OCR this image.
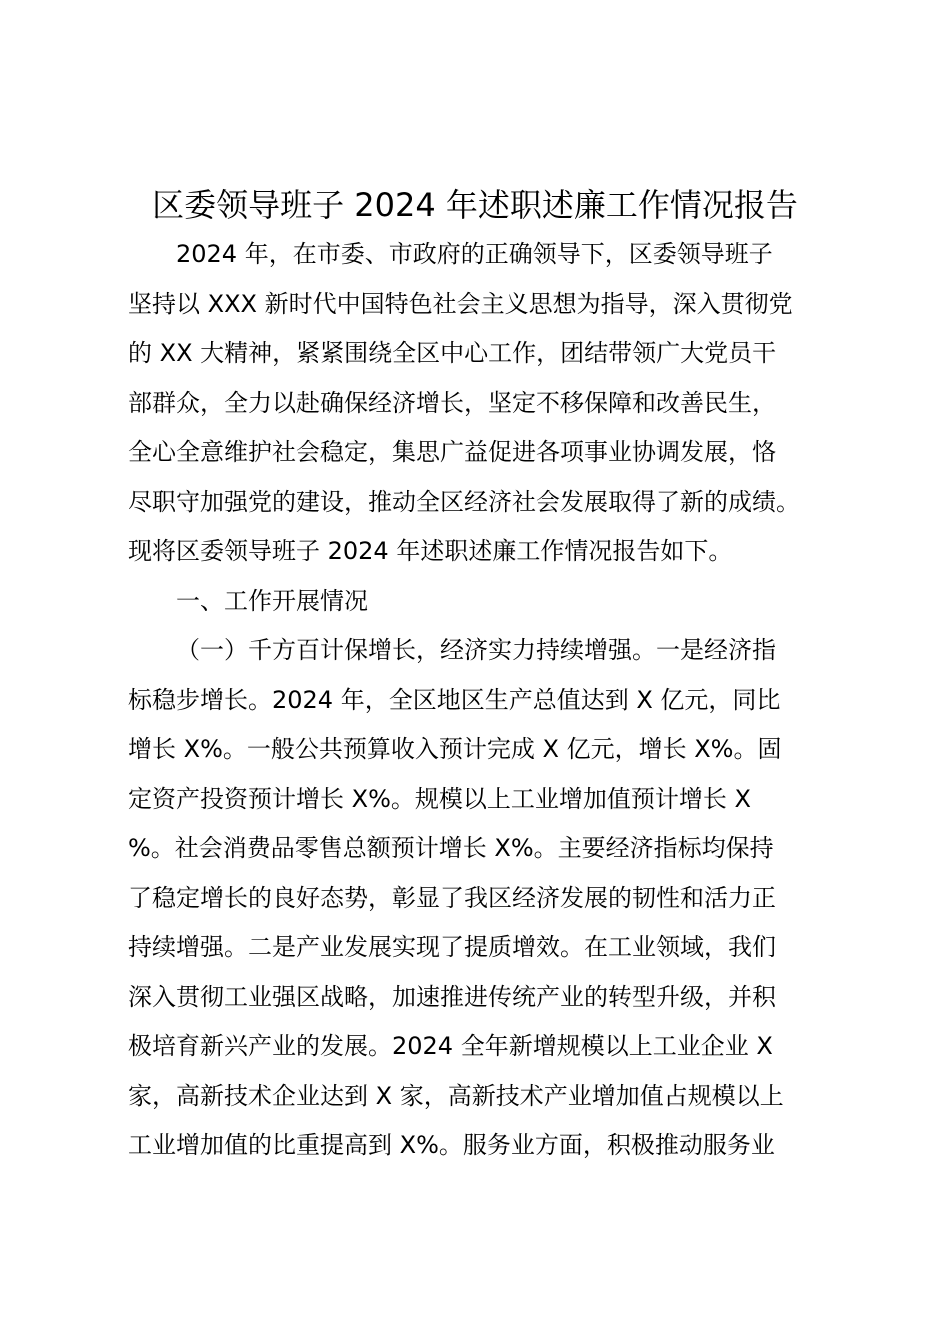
区委领导班子 2024 年述职述廉工作情况报告
2024 年，在市委、市政府的正确领导下，区委领导班子
坚持以 XXX 新时代中国特色社会主义思想为指导，深入贯彻党
的 XX 大精神，紧紧围绕全区中心工作，团结带领广大党员干
部群众，全力以赴确保经济增长，坚定不移保障和改善民生，
全心全意维护社会稳定，集思广益促进各项事业协调发展，恪
尽职守加强党的建设，推动全区经济社会发展取得了新的成绩。
现将区委领导班子 2024 年述职述廉工作情况报告如下。
一、工作开展情况
（一）千方百计保增长，经济实力持续增强。一是经济指
标稳步增长。2024 年，全区地区生产总值达到 X 亿元，同比
增长 X%。一般公共预算收入预计完成 X 亿元，增长 X%。固
定资产投资预计增长 X%。规模以上工业增加值预计增长 X
%。社会消费品零售总额预计增长 X%。主要经济指标均保持
了稳定增长的良好态势，彰显了我区经济发展的韧性和活力正
持续增强。二是产业发展实现了提质增效。在工业领域，我们
深入贯彻工业强区战略，加速推进传统产业的转型升级，并积
极培育新兴产业的发展。2024 全年新增规模以上工业企业 X
家，高新技术企业达到 X 家，高新技术产业增加值占规模以上
工业增加值的比重提高到 X%。服务业方面，积极推动服务业
